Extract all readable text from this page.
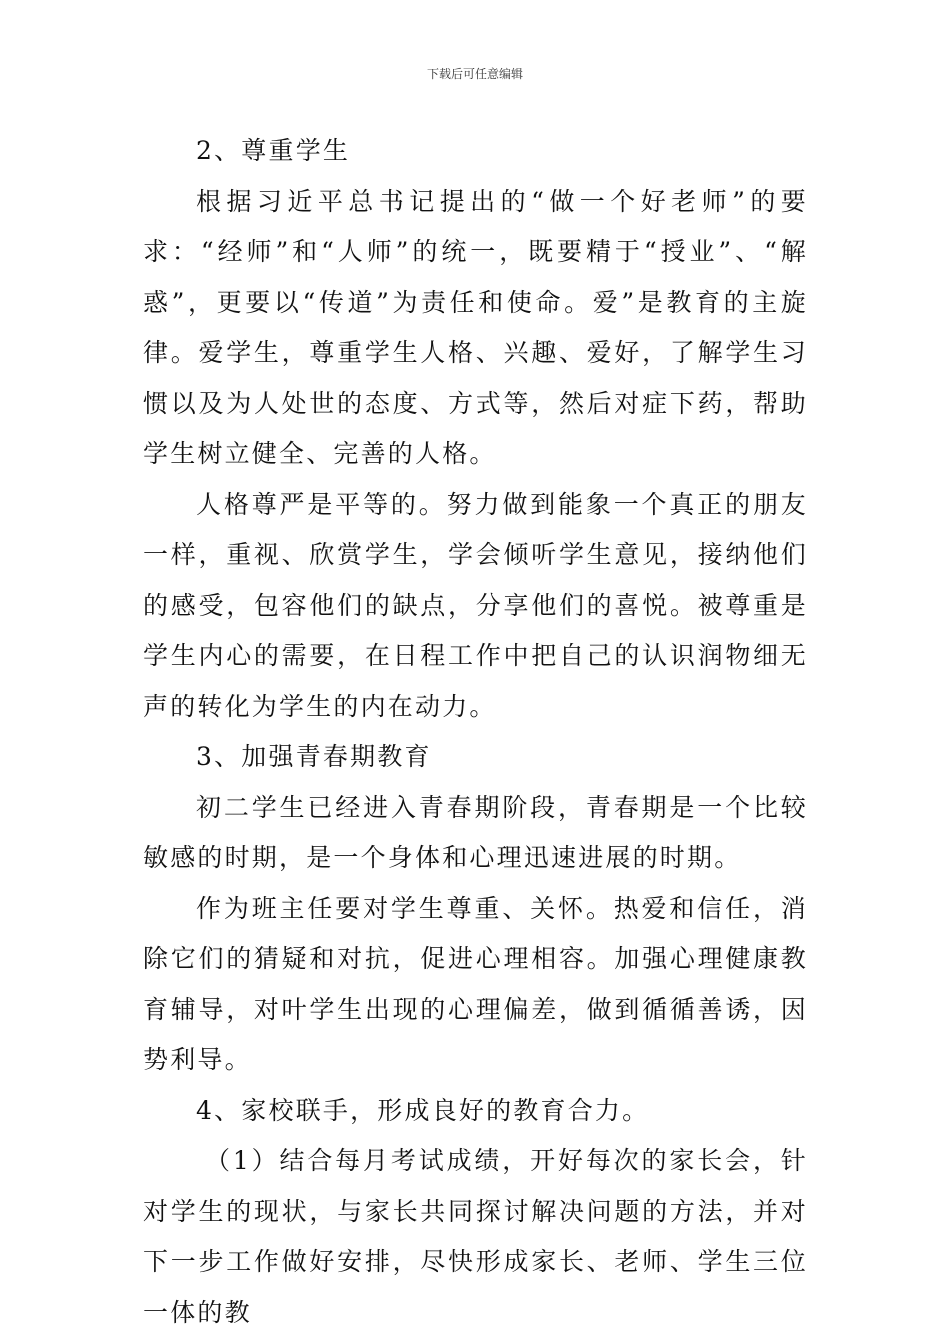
下载后可任意编辑

2、尊重学生

根据习近平总书记提出的“做一个好老师”的要求：“经师”和“人师”的统一，既要精于“授业”、“解惑”，更要以“传道”为责任和使命。爱”是教育的主旋律。爱学生，尊重学生人格、兴趣、爱好，了解学生习惯以及为人处世的态度、方式等，然后对症下药，帮助学生树立健全、完善的人格。

人格尊严是平等的。努力做到能象一个真正的朋友一样，重视、欣赏学生，学会倾听学生意见，接纳他们的感受，包容他们的缺点，分享他们的喜悦。被尊重是学生内心的需要，在日程工作中把自己的认识润物细无声的转化为学生的内在动力。

3、加强青春期教育

初二学生已经进入青春期阶段，青春期是一个比较敏感的时期，是一个身体和心理迅速进展的时期。

作为班主任要对学生尊重、关怀。热爱和信任，消除它们的猜疑和对抗，促进心理相容。加强心理健康教育辅导，对叶学生出现的心理偏差，做到循循善诱，因势利导。

4、家校联手，形成良好的教育合力。

（1）结合每月考试成绩，开好每次的家长会，针对学生的现状，与家长共同探讨解决问题的方法，并对下一步工作做好安排，尽快形成家长、老师、学生三位一体的教
